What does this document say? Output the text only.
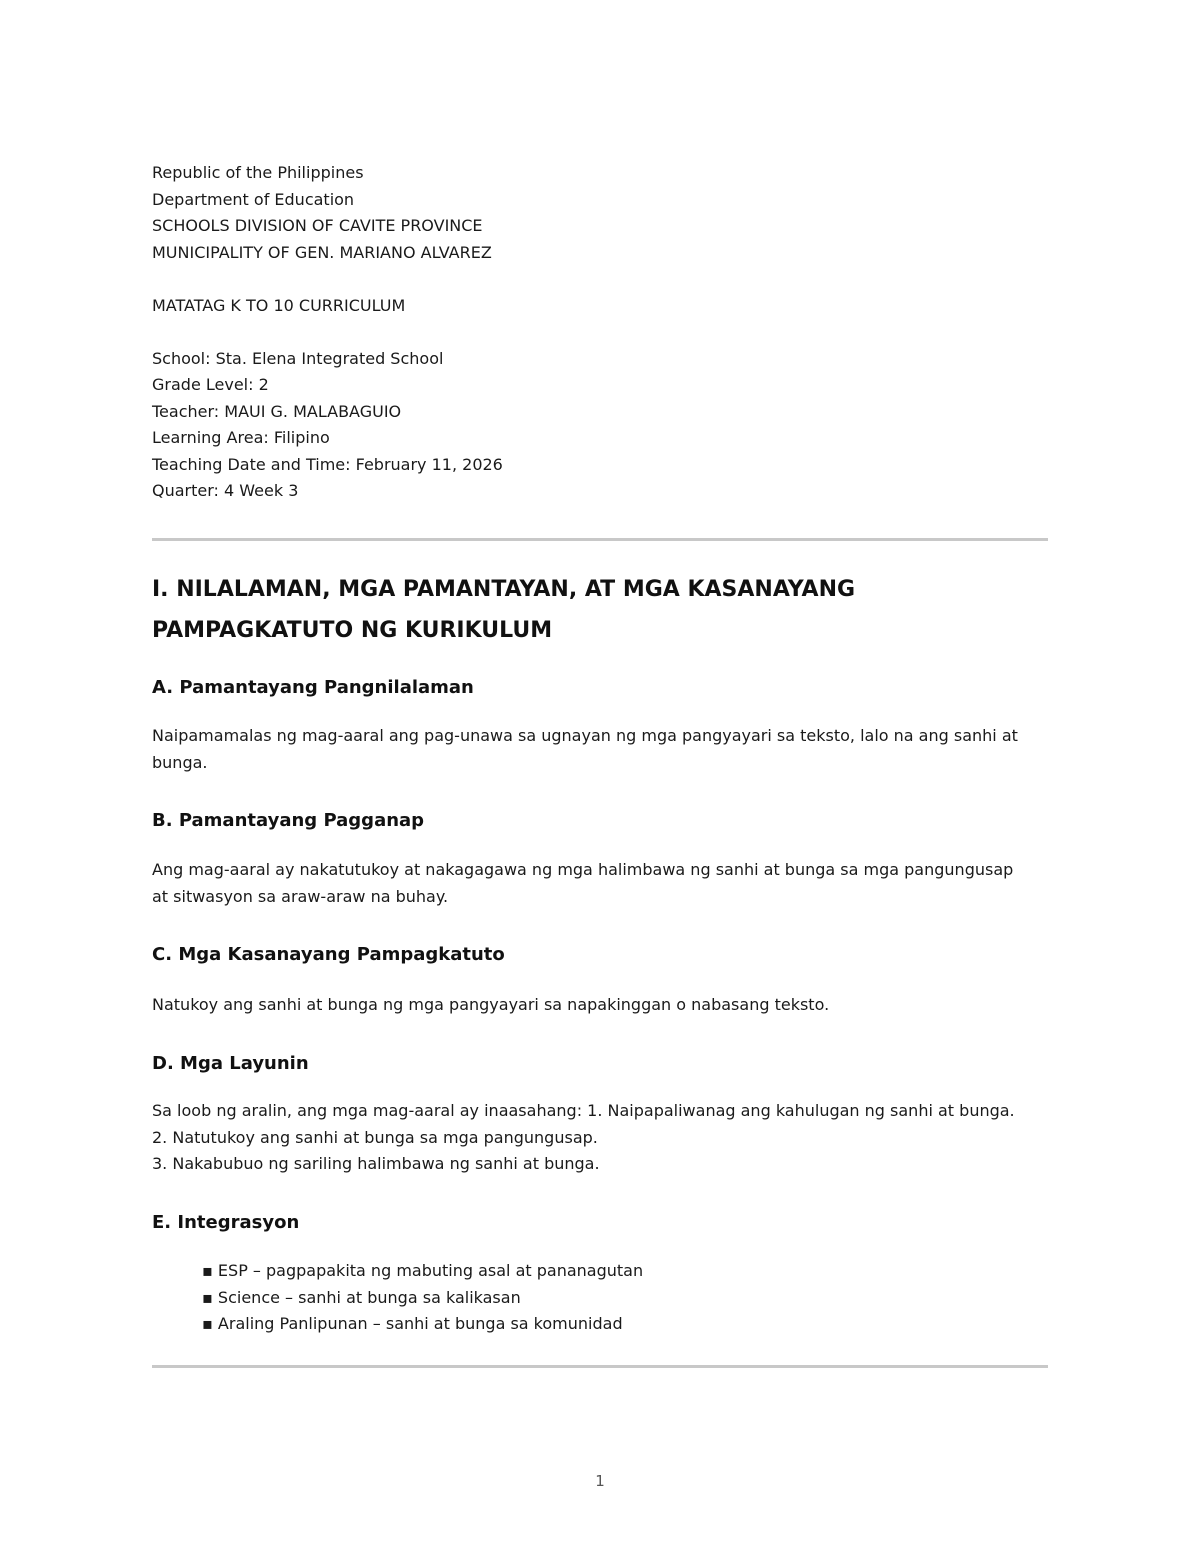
Republic of the Philippines
Department of Education
SCHOOLS DIVISION OF CAVITE PROVINCE
MUNICIPALITY OF GEN. MARIANO ALVAREZ
MATATAG K TO 10 CURRICULUM
School: Sta. Elena Integrated School
Grade Level: 2
Teacher: MAUI G. MALABAGUIO
Learning Area: Filipino
Teaching Date and Time: February 11, 2026
Quarter: 4 Week 3
I. NILALAMAN, MGA PAMANTAYAN, AT MGA KASANAYANG
PAMPAGKATUTO NG KURIKULUM
A. Pamantayang Pangnilalaman
Naipamamalas ng mag-aaral ang pag-unawa sa ugnayan ng mga pangyayari sa teksto, lalo na ang sanhi at
bunga.
B. Pamantayang Pagganap
Ang mag-aaral ay nakatutukoy at nakagagawa ng mga halimbawa ng sanhi at bunga sa mga pangungusap
at sitwasyon sa araw-araw na buhay.
C. Mga Kasanayang Pampagkatuto
Natukoy ang sanhi at bunga ng mga pangyayari sa napakinggan o nabasang teksto.
D. Mga Layunin
Sa loob ng aralin, ang mga mag-aaral ay inaasahang: 1. Naipapaliwanag ang kahulugan ng sanhi at bunga.
2. Natutukoy ang sanhi at bunga sa mga pangungusap.
3. Nakabubuo ng sariling halimbawa ng sanhi at bunga.
E. Integrasyon
▪ ESP – pagpapakita ng mabuting asal at pananagutan
▪ Science – sanhi at bunga sa kalikasan
▪ Araling Panlipunan – sanhi at bunga sa komunidad
1
